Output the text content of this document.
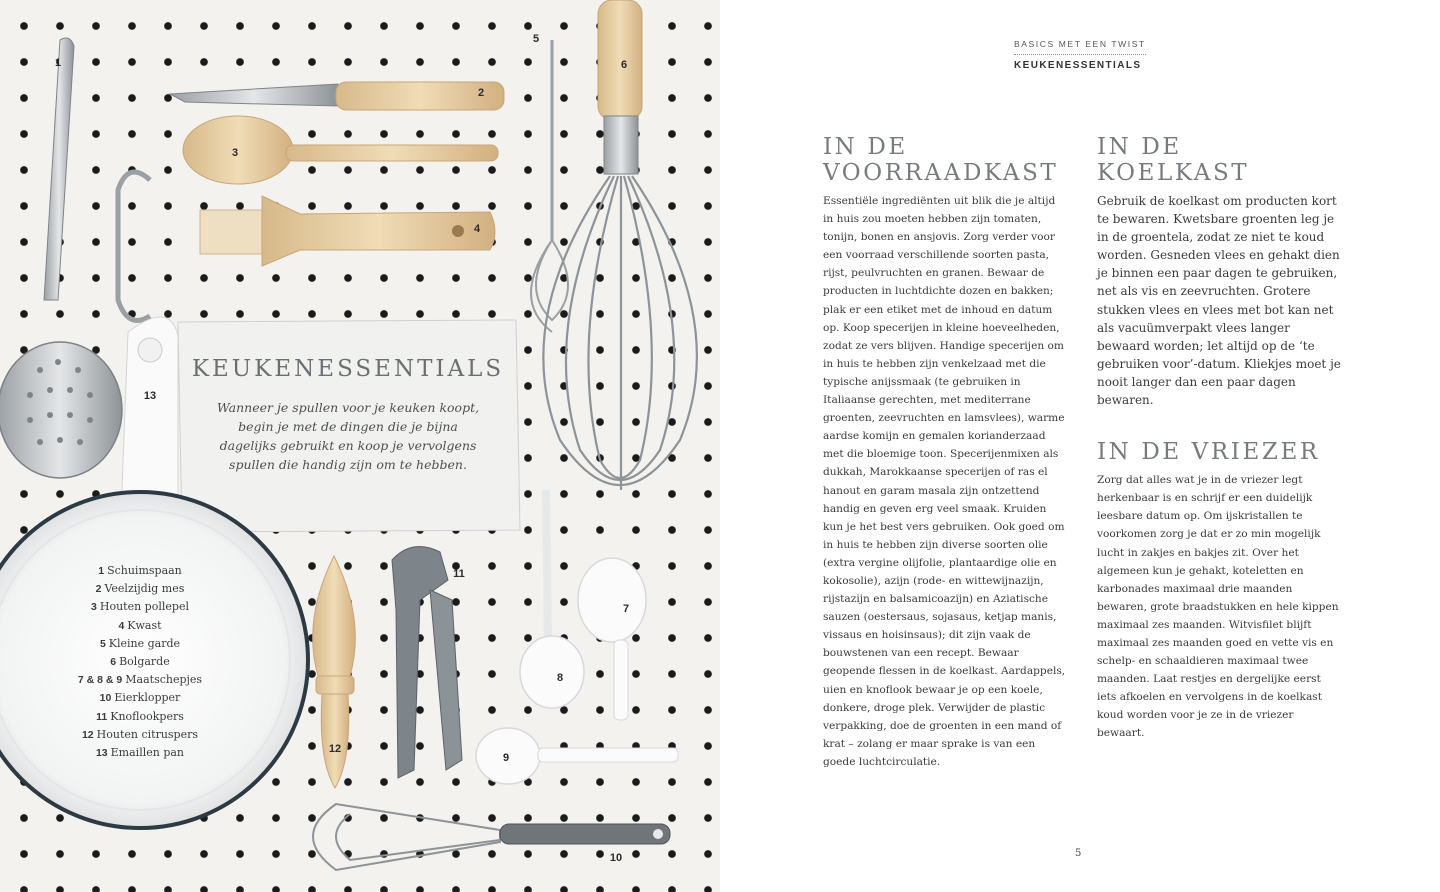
1
2
3
4
5
6
7
8
9
10
11
12
13
KEUKENESSENTIALS
Wanneer je spullen voor je keuken koopt, begin je met de dingen die je bijna dagelijks gebruikt en koop je vervolgens spullen die handig zijn om te hebben.
1 Schuimspaan
2 Veelzijdig mes
3 Houten pollepel
4 Kwast
5 Kleine garde
6 Bolgarde
7 & 8 & 9 Maatschepjes
10 Eierklopper
11 Knoflookpers
12 Houten citruspers
13 Emaillen pan
BASICS MET EEN TWIST
KEUKENESSENTIALS
IN DE VOORRAADKAST

Essentiële ingrediënten uit blik die je altijd in huis zou moeten hebben zijn tomaten, tonijn, bonen en ansjovis. Zorg verder voor een voorraad verschillende soorten pasta, rijst, peulvruchten en granen. Bewaar de producten in luchtdichte dozen en bakken; plak er een etiket met de inhoud en datum op. Koop specerijen in kleine hoeveelheden, zodat ze vers blijven. Handige specerijen om in huis te hebben zijn venkelzaad met die typische anijssmaak (te gebruiken in Italiaanse gerechten, met mediterrane groenten, zeevruchten en lamsvlees), warme aardse komijn en gemalen korianderzaad met die bloemige toon. Specerijenmixen als dukkah, Marokkaanse specerijen of ras el hanout en garam masala zijn ontzettend handig en geven erg veel smaak. Kruiden kun je het best vers gebruiken. Ook goed om in huis te hebben zijn diverse soorten olie (extra vergine olijfolie, plantaardige olie en kokosolie), azijn (rode- en wittewijnazijn, rijstazijn en balsamicoazijn) en Aziatische sauzen (oestersaus, sojasaus, ketjap manis, vissaus en hoisinsaus); dit zijn vaak de bouwstenen van een recept. Bewaar geopende flessen in de koelkast. Aardappels, uien en knoflook bewaar je op een koele, donkere, droge plek. Verwijder de plastic verpakking, doe de groenten in een mand of krat – zolang er maar sprake is van een goede luchtcirculatie.

IN DE KOELKAST

Gebruik de koelkast om producten kort te bewaren. Kwetsbare groenten leg je in de groentela, zodat ze niet te koud worden. Gesneden vlees en gehakt dien je binnen een paar dagen te gebruiken, net als vis en zeevruchten. Grotere stukken vlees en vlees met bot kan net als vacuümverpakt vlees langer bewaard worden; let altijd op de ‘te gebruiken voor’-datum. Kliekjes moet je nooit langer dan een paar dagen bewaren.

IN DE VRIEZER

Zorg dat alles wat je in de vriezer legt herkenbaar is en schrijf er een duidelijk leesbare datum op. Om ijskristallen te voorkomen zorg je dat er zo min mogelijk lucht in zakjes en bakjes zit. Over het algemeen kun je gehakt, koteletten en karbonades maximaal drie maanden bewaren, grote braadstukken en hele kippen maximaal zes maanden. Witvisfilet blijft maximaal zes maanden goed en vette vis en schelp- en schaaldieren maximaal twee maanden. Laat restjes en dergelijke eerst iets afkoelen en vervolgens in de koelkast koud worden voor je ze in de vriezer bewaart.

5
